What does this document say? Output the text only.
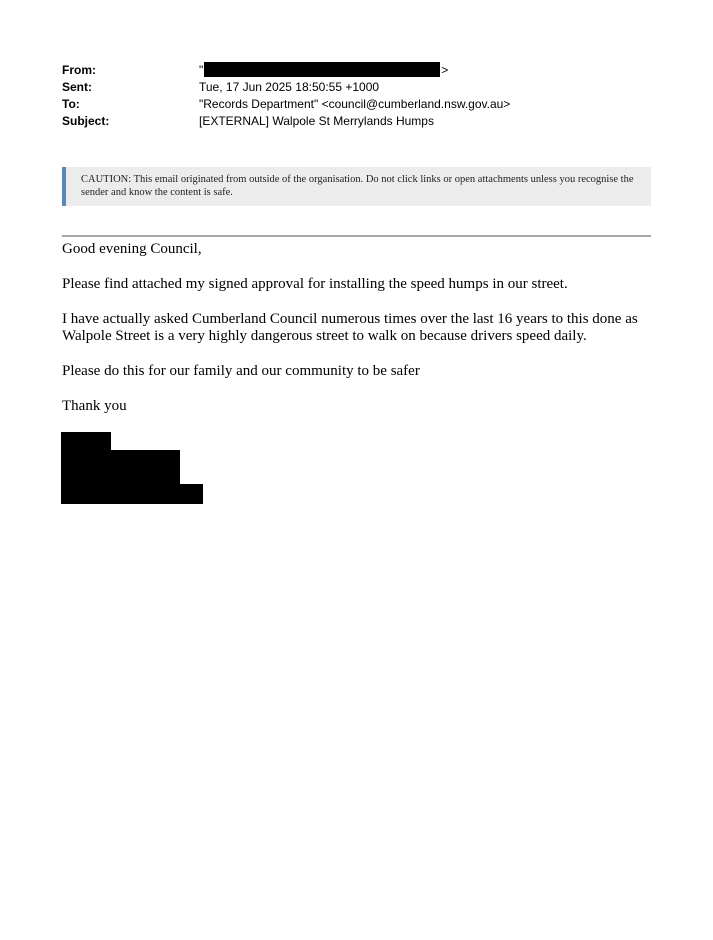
From:	"	>
Sent:	Tue, 17 Jun 2025 18:50:55 +1000
To:	"Records Department" <council@cumberland.nsw.gov.au>
Subject:	[EXTERNAL] Walpole St Merrylands Humps
CAUTION: This email originated from outside of the organisation. Do not click links or open attachments unless you recognise the sender and know the content is safe.

Good evening Council,

Please find attached my signed approval for installing the speed humps in our street.

I have actually asked Cumberland Council numerous times over the last 16 years to this done as Walpole Street is a very highly dangerous street to walk on because drivers speed daily.

Please do this for our family and our community to be safer

Thank you
